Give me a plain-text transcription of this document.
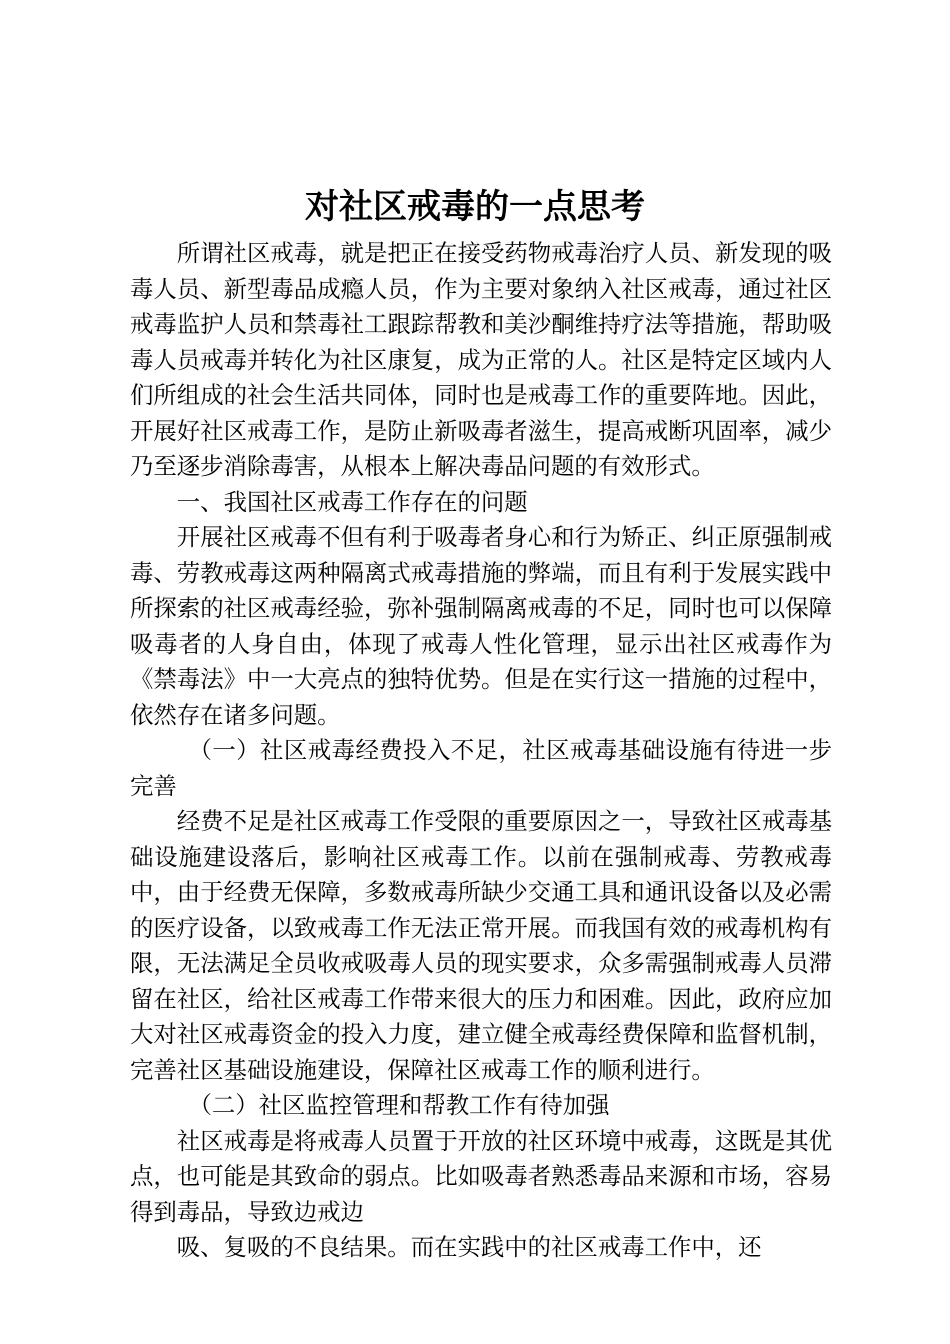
对社区戒毒的一点思考

所谓社区戒毒，就是把正在接受药物戒毒治疗人员、新发现的吸毒人员、新型毒品成瘾人员，作为主要对象纳入社区戒毒，通过社区戒毒监护人员和禁毒社工跟踪帮教和美沙酮维持疗法等措施，帮助吸毒人员戒毒并转化为社区康复，成为正常的人。社区是特定区域内人们所组成的社会生活共同体，同时也是戒毒工作的重要阵地。因此，开展好社区戒毒工作，是防止新吸毒者滋生，提高戒断巩固率，减少乃至逐步消除毒害，从根本上解决毒品问题的有效形式。

一、我国社区戒毒工作存在的问题

开展社区戒毒不但有利于吸毒者身心和行为矫正、纠正原强制戒毒、劳教戒毒这两种隔离式戒毒措施的弊端，而且有利于发展实践中所探索的社区戒毒经验，弥补强制隔离戒毒的不足，同时也可以保障吸毒者的人身自由，体现了戒毒人性化管理，显示出社区戒毒作为《禁毒法》中一大亮点的独特优势。但是在实行这一措施的过程中，依然存在诸多问题。

（一）社区戒毒经费投入不足，社区戒毒基础设施有待进一步完善

经费不足是社区戒毒工作受限的重要原因之一，导致社区戒毒基础设施建设落后，影响社区戒毒工作。以前在强制戒毒、劳教戒毒中，由于经费无保障，多数戒毒所缺少交通工具和通讯设备以及必需的医疗设备，以致戒毒工作无法正常开展。而我国有效的戒毒机构有限，无法满足全员收戒吸毒人员的现实要求，众多需强制戒毒人员滞留在社区，给社区戒毒工作带来很大的压力和困难。因此，政府应加大对社区戒毒资金的投入力度，建立健全戒毒经费保障和监督机制，完善社区基础设施建设，保障社区戒毒工作的顺利进行。

（二）社区监控管理和帮教工作有待加强

社区戒毒是将戒毒人员置于开放的社区环境中戒毒，这既是其优点，也可能是其致命的弱点。比如吸毒者熟悉毒品来源和市场，容易得到毒品，导致边戒边

吸、复吸的不良结果。而在实践中的社区戒毒工作中，还
